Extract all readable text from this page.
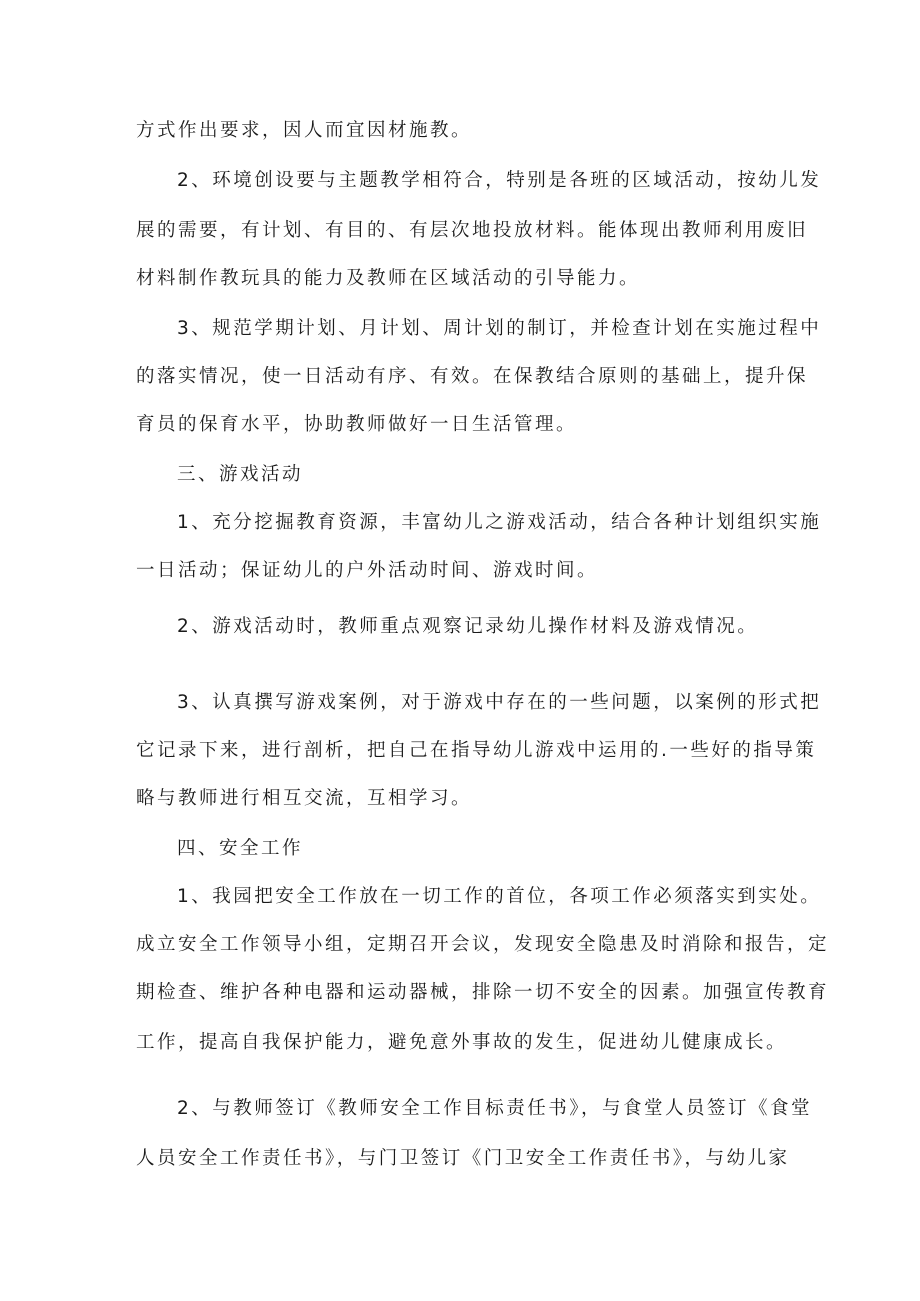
方式作出要求，因人而宜因材施教。
2、环境创设要与主题教学相符合，特别是各班的区域活动，按幼儿发
展的需要，有计划、有目的、有层次地投放材料。能体现出教师利用废旧
材料制作教玩具的能力及教师在区域活动的引导能力。
3、规范学期计划、月计划、周计划的制订，并检查计划在实施过程中
的落实情况，使一日活动有序、有效。在保教结合原则的基础上，提升保
育员的保育水平，协助教师做好一日生活管理。
三、游戏活动
1、充分挖掘教育资源，丰富幼儿之游戏活动，结合各种计划组织实施
一日活动；保证幼儿的户外活动时间、游戏时间。
2、游戏活动时，教师重点观察记录幼儿操作材料及游戏情况。
3、认真撰写游戏案例，对于游戏中存在的一些问题，以案例的形式把
它记录下来，进行剖析，把自己在指导幼儿游戏中运用的.一些好的指导策
略与教师进行相互交流，互相学习。
四、安全工作
1、我园把安全工作放在一切工作的首位，各项工作必须落实到实处。
成立安全工作领导小组，定期召开会议，发现安全隐患及时消除和报告，定
期检查、维护各种电器和运动器械，排除一切不安全的因素。加强宣传教育
工作，提高自我保护能力，避免意外事故的发生，促进幼儿健康成长。
2、与教师签订《教师安全工作目标责任书》，与食堂人员签订《食堂
人员安全工作责任书》，与门卫签订《门卫安全工作责任书》，与幼儿家
